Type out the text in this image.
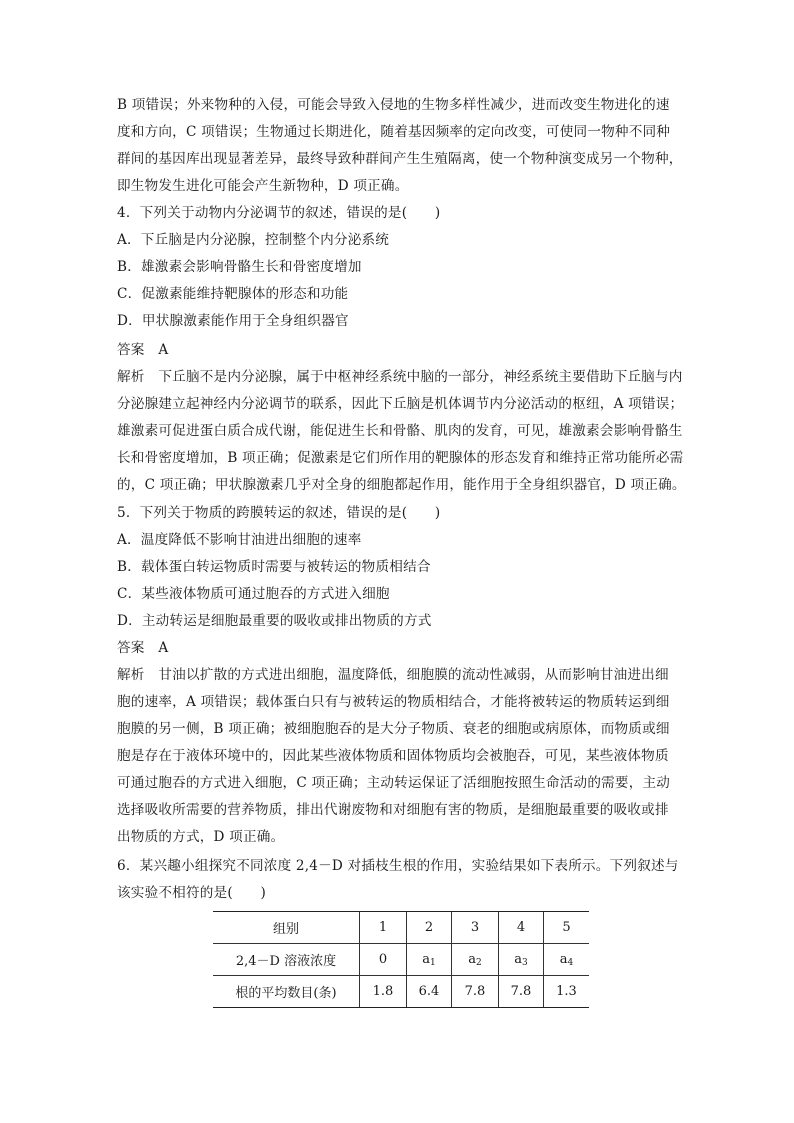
B 项错误；外来物种的入侵，可能会导致入侵地的生物多样性减少，进而改变生物进化的速
度和方向，C 项错误；生物通过长期进化，随着基因频率的定向改变，可使同一物种不同种
群间的基因库出现显著差异，最终导致种群间产生生殖隔离，使一个物种演变成另一个物种，
即生物发生进化可能会产生新物种，D 项正确。
4．下列关于动物内分泌调节的叙述，错误的是(　　)
A．下丘脑是内分泌腺，控制整个内分泌系统
B．雄激素会影响骨骼生长和骨密度增加
C．促激素能维持靶腺体的形态和功能
D．甲状腺激素能作用于全身组织器官
答案　A
解析　下丘脑不是内分泌腺，属于中枢神经系统中脑的一部分，神经系统主要借助下丘脑与内
分泌腺建立起神经内分泌调节的联系，因此下丘脑是机体调节内分泌活动的枢纽，A 项错误；
雄激素可促进蛋白质合成代谢，能促进生长和骨骼、肌肉的发育，可见，雄激素会影响骨骼生
长和骨密度增加，B 项正确；促激素是它们所作用的靶腺体的形态发育和维持正常功能所必需
的，C 项正确；甲状腺激素几乎对全身的细胞都起作用，能作用于全身组织器官，D 项正确。
5．下列关于物质的跨膜转运的叙述，错误的是(　　)
A．温度降低不影响甘油进出细胞的速率
B．载体蛋白转运物质时需要与被转运的物质相结合
C．某些液体物质可通过胞吞的方式进入细胞
D．主动转运是细胞最重要的吸收或排出物质的方式
答案　A
解析　甘油以扩散的方式进出细胞，温度降低，细胞膜的流动性减弱，从而影响甘油进出细
胞的速率，A 项错误；载体蛋白只有与被转运的物质相结合，才能将被转运的物质转运到细
胞膜的另一侧，B 项正确；被细胞胞吞的是大分子物质、衰老的细胞或病原体，而物质或细
胞是存在于液体环境中的，因此某些液体物质和固体物质均会被胞吞，可见，某些液体物质
可通过胞吞的方式进入细胞，C 项正确；主动转运保证了活细胞按照生命活动的需要，主动
选择吸收所需要的营养物质，排出代谢废物和对细胞有害的物质，是细胞最重要的吸收或排
出物质的方式，D 项正确。
6．某兴趣小组探究不同浓度 2,4－D 对插枝生根的作用，实验结果如下表所示。下列叙述与
该实验不相符的是(　　)
组别	1	2	3	4	5
2,4－D 溶液浓度	0	$a_1$	$a_2$	$a_3$	$a_4$
根的平均数目(条)	1.8	6.4	7.8	7.8	1.3
